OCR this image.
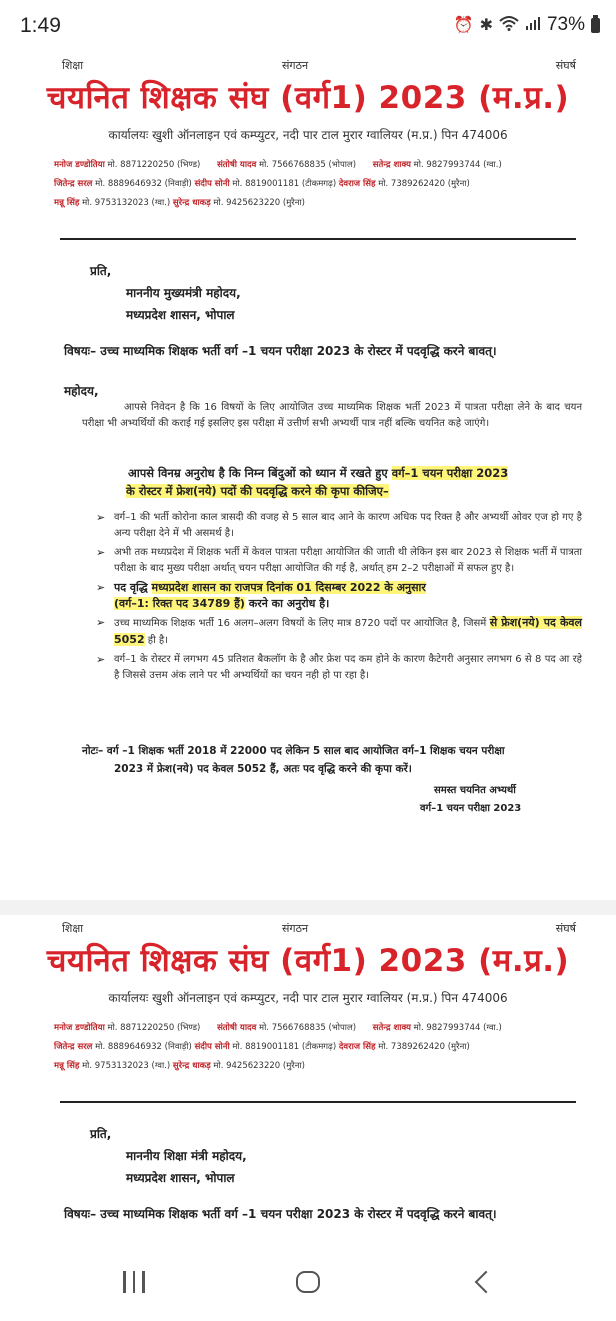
1:49	⏰ ✱	73%
शिक्षा	संगठन	संघर्ष
चयनित शिक्षक संघ (वर्ग1) 2023 (म.प्र.)
कार्यालयः खुशी ऑनलाइन एवं कम्प्युटर, नदी पार टाल मुरार ग्वालियर (म.प्र.) पिन 474006
मनोज डण्डोतिया मो. 8871220250 (भिण्ड) संतोषी यादव मो. 7566768835 (भोपाल) सतेन्द्र शाक्य मो. 9827993744 (ग्वा.)
जितेन्द्र सरल मो. 8889646932 (निवाड़ी) संदीप सोनी मो. 8819001181 (टीकमगढ़) देवराज सिंह मो. 7389262420 (मुरैना)
मन्नू सिंह मो. 9753132023 (ग्वा.) सुरेन्द्र धाकड़ मो. 9425623220 (मुरैना)
प्रति,
माननीय मुख्यमंत्री महोदय,
मध्यप्रदेश शासन, भोपाल
विषयः– उच्च माध्यमिक शिक्षक भर्ती वर्ग –1 चयन परीक्षा 2023 के रोस्टर में पदवृद्धि करने बावत्।
महोदय,
आपसे निवेदन है कि 16 विषयों के लिए आयोजित उच्च माध्यमिक शिक्षक भर्ती 2023 में पात्रता परीक्षा लेने के बाद चयन परीक्षा भी अभ्यर्थियों की कराई गई इसलिए इस परीक्षा में उत्तीर्ण सभी अभ्यर्थी पात्र नहीं बल्कि चयनित कहे जाएंगे।
आपसे विनम्र अनुरोध है कि निम्न बिंदुओं को ध्यान में रखते हुए वर्ग–1 चयन परीक्षा 2023
के रोस्टर में फ्रेश(नये) पदों की पदवृद्धि करने की कृपा कीजिए–
➢ वर्ग–1 की भर्ती कोरोना काल त्रासदी की वजह से 5 साल बाद आने के कारण अधिक पद रिक्त है और अभ्यर्थी ओवर एज हो गए है अन्य परीक्षा देने में भी असमर्थ है।
➢ अभी तक मध्यप्रदेश में शिक्षक भर्ती में केवल पात्रता परीक्षा आयोजित की जाती थी लेकिन इस बार 2023 से शिक्षक भर्ती में पात्रता परीक्षा के बाद मुख्य परीक्षा अर्थात् चयन परीक्षा आयोजित की गई है, अर्थात् हम 2–2 परीक्षाओं में सफल हुए है।
➢ पद वृद्धि मध्यप्रदेश शासन का राजपत्र दिनांक 01 दिसम्बर 2022 के अनुसार
(वर्ग–1: रिक्त पद 34789 हैं) करने का अनुरोध है।
➢ उच्च माध्यमिक शिक्षक भर्ती 16 अलग–अलग विषयों के लिए मात्र 8720 पदों पर आयोजित है, जिसमें से फ्रेश(नये) पद केवल 5052 ही है।
➢ वर्ग–1 के रोस्टर में लगभग 45 प्रतिशत बैकलॉग के है और फ्रेश पद कम होने के कारण कैटेगरी अनुसार लगभग 6 से 8 पद आ रहे है जिससे उत्तम अंक लाने पर भी अभ्यर्थियों का चयन नही हो पा रहा है।
नोटः– वर्ग –1 शिक्षक भर्ती 2018 में 22000 पद लेकिन 5 साल बाद आयोजित वर्ग–1 शिक्षक चयन परीक्षा
2023 में फ्रेश(नये) पद केवल 5052 हैं, अतः पद वृद्धि करने की कृपा करें।
समस्त चयनित अभ्यर्थी
वर्ग–1 चयन परीक्षा 2023
शिक्षा	संगठन	संघर्ष
चयनित शिक्षक संघ (वर्ग1) 2023 (म.प्र.)
कार्यालयः खुशी ऑनलाइन एवं कम्प्युटर, नदी पार टाल मुरार ग्वालियर (म.प्र.) पिन 474006
मनोज डण्डोतिया मो. 8871220250 (भिण्ड) संतोषी यादव मो. 7566768835 (भोपाल) सतेन्द्र शाक्य मो. 9827993744 (ग्वा.)
जितेन्द्र सरल मो. 8889646932 (निवाड़ी) संदीप सोनी मो. 8819001181 (टीकमगढ़) देवराज सिंह मो. 7389262420 (मुरैना)
मन्नू सिंह मो. 9753132023 (ग्वा.) सुरेन्द्र धाकड़ मो. 9425623220 (मुरैना)
प्रति,
माननीय शिक्षा मंत्री महोदय,
मध्यप्रदेश शासन, भोपाल
विषयः– उच्च माध्यमिक शिक्षक भर्ती वर्ग –1 चयन परीक्षा 2023 के रोस्टर में पदवृद्धि करने बावत्।
